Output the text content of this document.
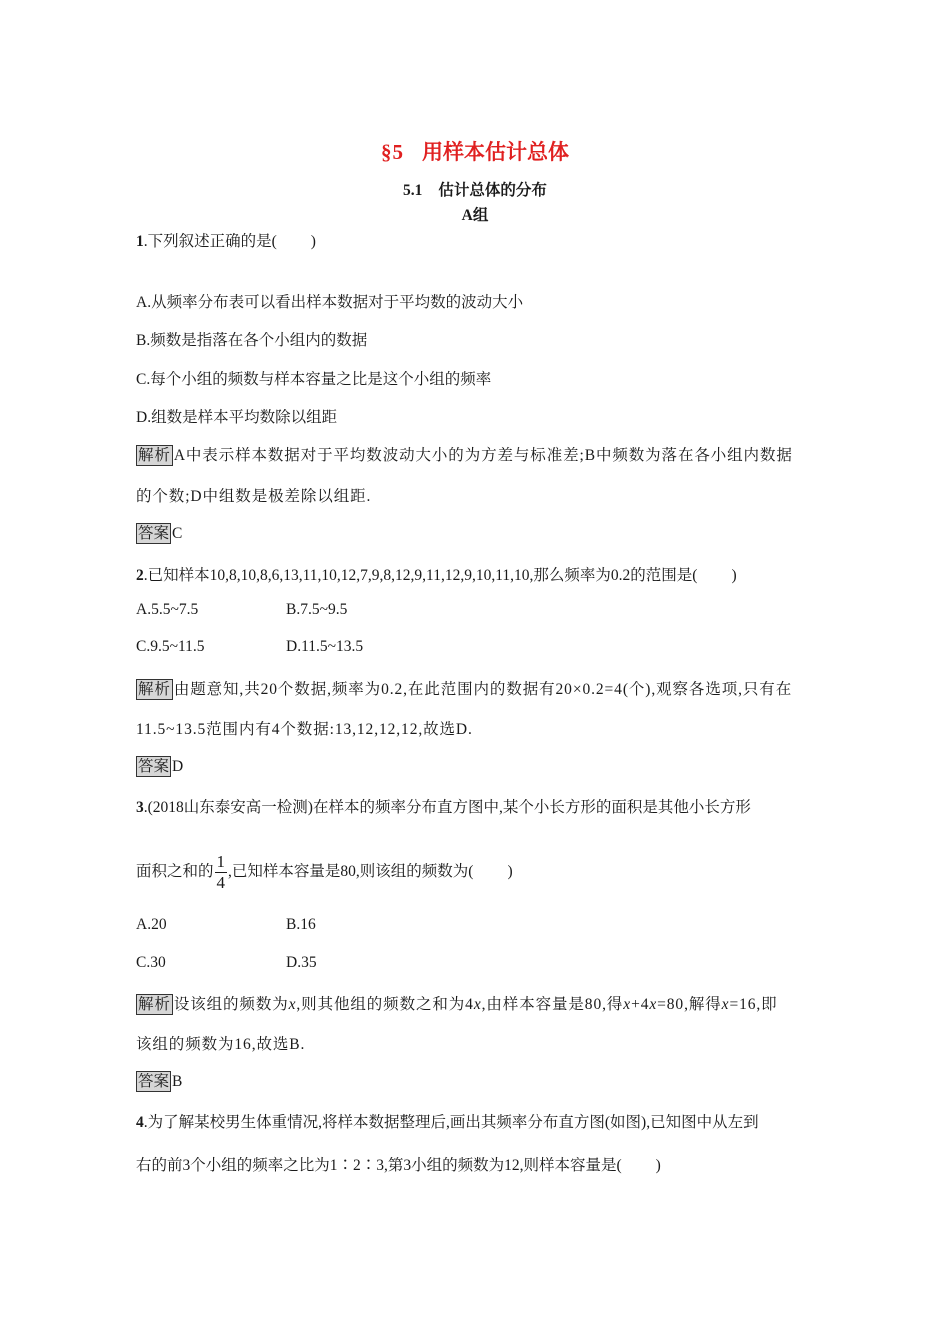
§5 用样本估计总体
5.1 估计总体的分布
A组
1.下列叙述正确的是( )
A.从频率分布表可以看出样本数据对于平均数的波动大小
B.频数是指落在各个小组内的数据
C.每个小组的频数与样本容量之比是这个小组的频率
D.组数是样本平均数除以组距
解析 A中表示样本数据对于平均数波动大小的为方差与标准差;B中频数为落在各小组内数据
的个数;D中组数是极差除以组距.
答案 C
2.已知样本10,8,10,8,6,13,11,10,12,7,9,8,12,9,11,12,9,10,11,10,那么频率为0.2的范围是( )
A.5.5~7.5	B.7.5~9.5
C.9.5~11.5	D.11.5~13.5
解析 由题意知,共20个数据,频率为0.2,在此范围内的数据有20×0.2=4(个),观察各选项,只有在
11.5~13.5范围内有4个数据:13,12,12,12,故选D.
答案 D
3.(2018山东泰安高一检测)在样本的频率分布直方图中,某个小长方形的面积是其他小长方形
面积之和的 $\frac{1}{4}$ ,已知样本容量是80,则该组的频数为( )
A.20	B.16
C.30	D.35
解析 设该组的频数为x,则其他组的频数之和为4x,由样本容量是80,得x+4x=80,解得x=16,即
该组的频数为16,故选B.
答案 B
4.为了解某校男生体重情况,将样本数据整理后,画出其频率分布直方图(如图),已知图中从左到
右的前3个小组的频率之比为1∶2∶3,第3小组的频数为12,则样本容量是( )
